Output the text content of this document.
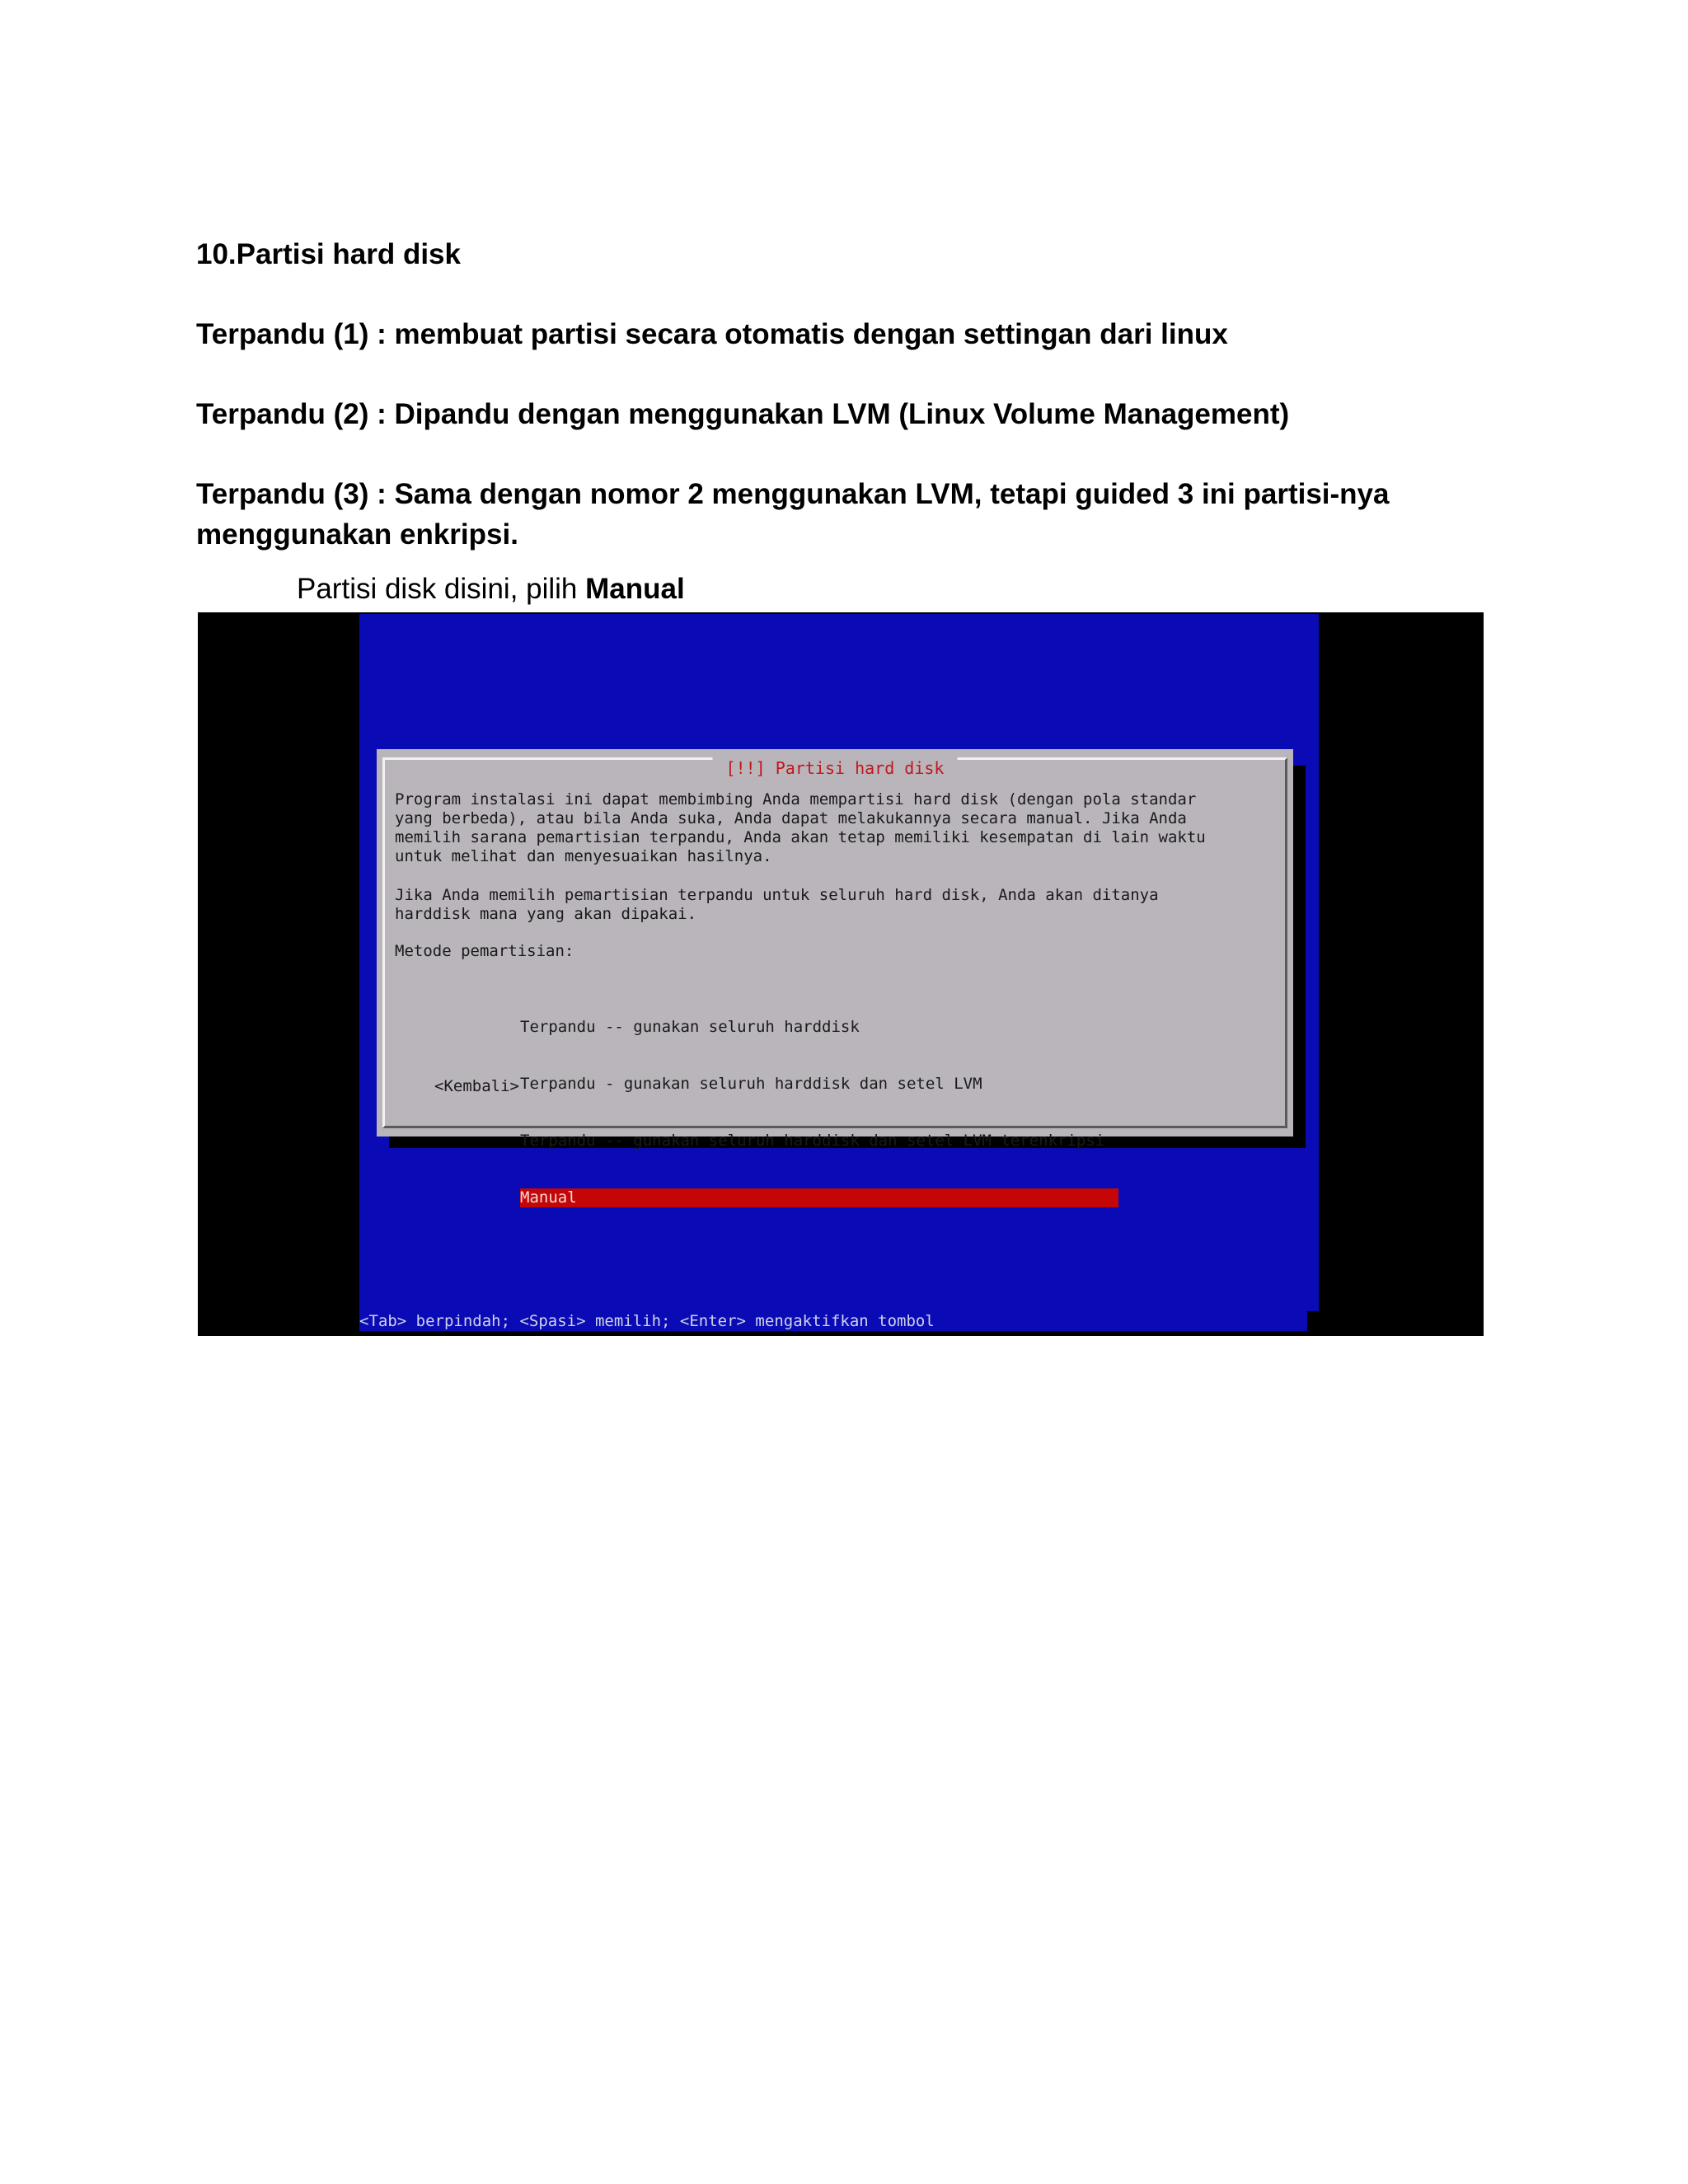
10.Partisi hard disk
Terpandu (1) : membuat partisi secara otomatis dengan settingan dari linux
Terpandu (2) : Dipandu dengan menggunakan LVM (Linux Volume Management)
Terpandu (3) : Sama dengan nomor 2 menggunakan LVM, tetapi guided 3 ini partisi-nya
menggunakan enkripsi.
Partisi disk disini, pilih Manual
[!!] Partisi hard disk
Program instalasi ini dapat membimbing Anda mempartisi hard disk (dengan pola standar
yang berbeda), atau bila Anda suka, Anda dapat melakukannya secara manual. Jika Anda
memilih sarana pemartisian terpandu, Anda akan tetap memiliki kesempatan di lain waktu
untuk melihat dan menyesuaikan hasilnya.
Jika Anda memilih pemartisian terpandu untuk seluruh hard disk, Anda akan ditanya
harddisk mana yang akan dipakai.
Metode pemartisian:

Terpandu -- gunakan seluruh harddisk

Terpandu - gunakan seluruh harddisk dan setel LVM

Terpandu -- gunakan seluruh harddisk dan setel LVM terenkripsi

Manual

<Kembali>
<Tab> berpindah; <Spasi> memilih; <Enter> mengaktifkan tombol
